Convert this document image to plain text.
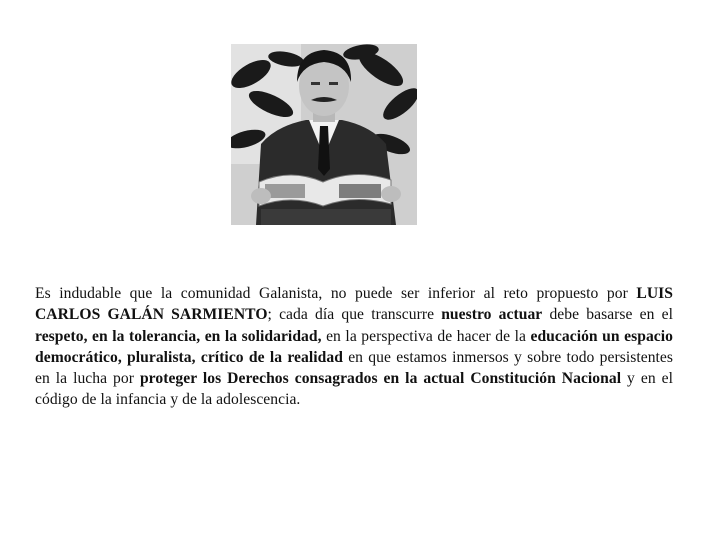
Es indudable que la comunidad Galanista, no puede ser inferior al reto propuesto por LUIS CARLOS GALÁN SARMIENTO; cada día que transcurre nuestro actuar debe basarse en el respeto, en la tolerancia, en la solidaridad, en la perspectiva de hacer de la educación un espacio democrático, pluralista, crítico de la realidad en que estamos inmersos y sobre todo persistentes en la lucha por proteger los Derechos consagrados en la actual Constitución Nacional y en el código de la infancia y de la adolescencia.
